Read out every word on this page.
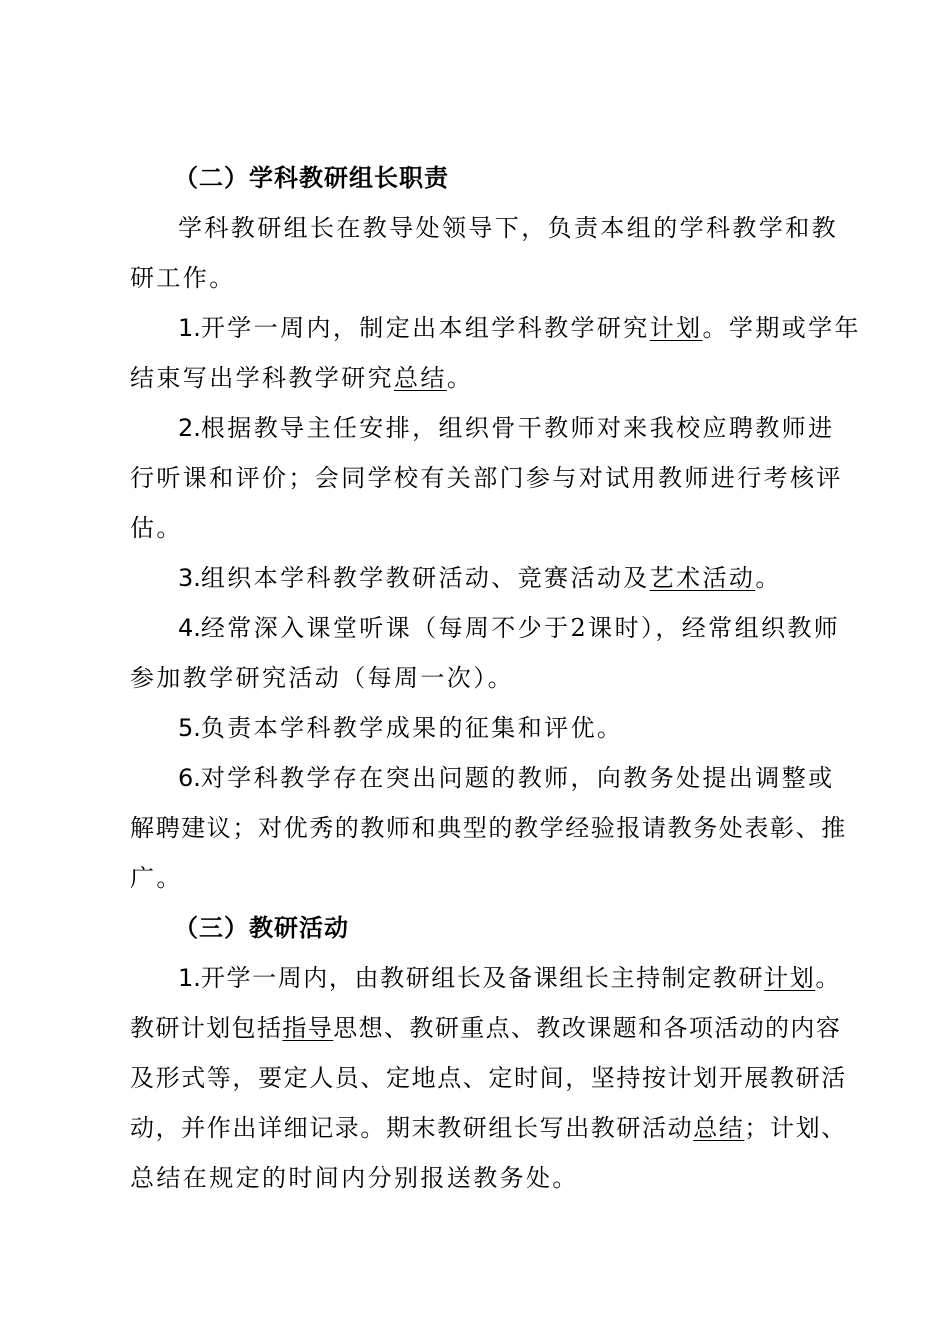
（二）学科教研组长职责
学科教研组长在教导处领导下，负责本组的学科教学和教
研工作。
1.开学一周内，制定出本组学科教学研究计划。学期或学年
结束写出学科教学研究总结。
2.根据教导主任安排，组织骨干教师对来我校应聘教师进
行听课和评价；会同学校有关部门参与对试用教师进行考核评
估。
3.组织本学科教学教研活动、竞赛活动及艺术活动。
4.经常深入课堂听课（每周不少于2课时），经常组织教师
参加教学研究活动（每周一次）。
5.负责本学科教学成果的征集和评优。
6.对学科教学存在突出问题的教师，向教务处提出调整或
解聘建议；对优秀的教师和典型的教学经验报请教务处表彰、推
广。
（三）教研活动
1.开学一周内，由教研组长及备课组长主持制定教研计划。
教研计划包括指导思想、教研重点、教改课题和各项活动的内容
及形式等，要定人员、定地点、定时间，坚持按计划开展教研活
动，并作出详细记录。期末教研组长写出教研活动总结；计划、
总结在规定的时间内分别报送教务处。
